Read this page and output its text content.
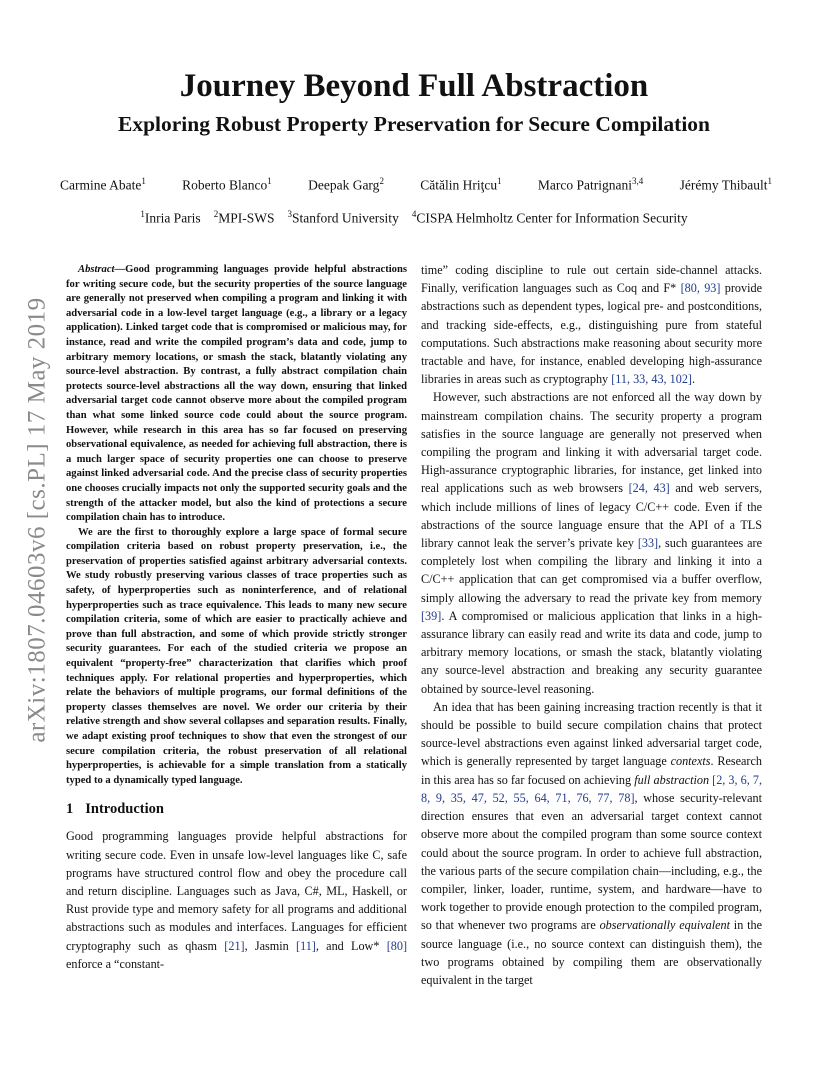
arXiv:1807.04603v6 [cs.PL] 17 May 2019
Journey Beyond Full Abstraction
Exploring Robust Property Preservation for Secure Compilation
Carmine Abate$^1$	Roberto Blanco$^1$	Deepak Garg$^2$	Cătălin Hriţcu$^1$	Marco Patrignani$^{3,4}$	Jérémy Thibault$^1$
$^1$Inria Paris $^2$MPI-SWS $^3$Stanford University $^4$CISPA Helmholtz Center for Information Security

Abstract—Good programming languages provide helpful abstractions for writing secure code, but the security properties of the source language are generally not preserved when compiling a program and linking it with adversarial code in a low-level target language (e.g., a library or a legacy application). Linked target code that is compromised or malicious may, for instance, read and write the compiled program’s data and code, jump to arbitrary memory locations, or smash the stack, blatantly violating any source-level abstraction. By contrast, a fully abstract compilation chain protects source-level abstractions all the way down, ensuring that linked adversarial target code cannot observe more about the compiled program than what some linked source code could about the source program. However, while research in this area has so far focused on preserving observational equivalence, as needed for achieving full abstraction, there is a much larger space of security properties one can choose to preserve against linked adversarial code. And the precise class of security properties one chooses crucially impacts not only the supported security goals and the strength of the attacker model, but also the kind of protections a secure compilation chain has to introduce.

We are the first to thoroughly explore a large space of formal secure compilation criteria based on robust property preservation, i.e., the preservation of properties satisfied against arbitrary adversarial contexts. We study robustly preserving various classes of trace properties such as safety, of hyperproperties such as noninterference, and of relational hyperproperties such as trace equivalence. This leads to many new secure compilation criteria, some of which are easier to practically achieve and prove than full abstraction, and some of which provide strictly stronger security guarantees. For each of the studied criteria we propose an equivalent “property-free” characterization that clarifies which proof techniques apply. For relational properties and hyperproperties, which relate the behaviors of multiple programs, our formal definitions of the property classes themselves are novel. We order our criteria by their relative strength and show several collapses and separation results. Finally, we adapt existing proof techniques to show that even the strongest of our secure compilation criteria, the robust preservation of all relational hyperproperties, is achievable for a simple translation from a statically typed to a dynamically typed language.

1 Introduction

Good programming languages provide helpful abstractions for writing secure code. Even in unsafe low-level languages like C, safe programs have structured control flow and obey the procedure call and return discipline. Languages such as Java, C#, ML, Haskell, or Rust provide type and memory safety for all programs and additional abstractions such as modules and interfaces. Languages for efficient cryptography such as qhasm [21], Jasmin [11], and Low* [80] enforce a “constant-

time” coding discipline to rule out certain side-channel attacks. Finally, verification languages such as Coq and F* [80, 93] provide abstractions such as dependent types, logical pre- and postconditions, and tracking side-effects, e.g., distinguishing pure from stateful computations. Such abstractions make reasoning about security more tractable and have, for instance, enabled developing high-assurance libraries in areas such as cryptography [11, 33, 43, 102].

However, such abstractions are not enforced all the way down by mainstream compilation chains. The security property a program satisfies in the source language are generally not preserved when compiling the program and linking it with adversarial target code. High-assurance cryptographic libraries, for instance, get linked into real applications such as web browsers [24, 43] and web servers, which include millions of lines of legacy C/C++ code. Even if the abstractions of the source language ensure that the API of a TLS library cannot leak the server’s private key [33], such guarantees are completely lost when compiling the library and linking it into a C/C++ application that can get compromised via a buffer overflow, simply allowing the adversary to read the private key from memory [39]. A compromised or malicious application that links in a high-assurance library can easily read and write its data and code, jump to arbitrary memory locations, or smash the stack, blatantly violating any source-level abstraction and breaking any security guarantee obtained by source-level reasoning.

An idea that has been gaining increasing traction recently is that it should be possible to build secure compilation chains that protect source-level abstractions even against linked adversarial target code, which is generally represented by target language contexts. Research in this area has so far focused on achieving full abstraction [2, 3, 6, 7, 8, 9, 35, 47, 52, 55, 64, 71, 76, 77, 78], whose security-relevant direction ensures that even an adversarial target context cannot observe more about the compiled program than some source context could about the source program. In order to achieve full abstraction, the various parts of the secure compilation chain—including, e.g., the compiler, linker, loader, runtime, system, and hardware—have to work together to provide enough protection to the compiled program, so that whenever two programs are observationally equivalent in the source language (i.e., no source context can distinguish them), the two programs obtained by compiling them are observationally equivalent in the target
